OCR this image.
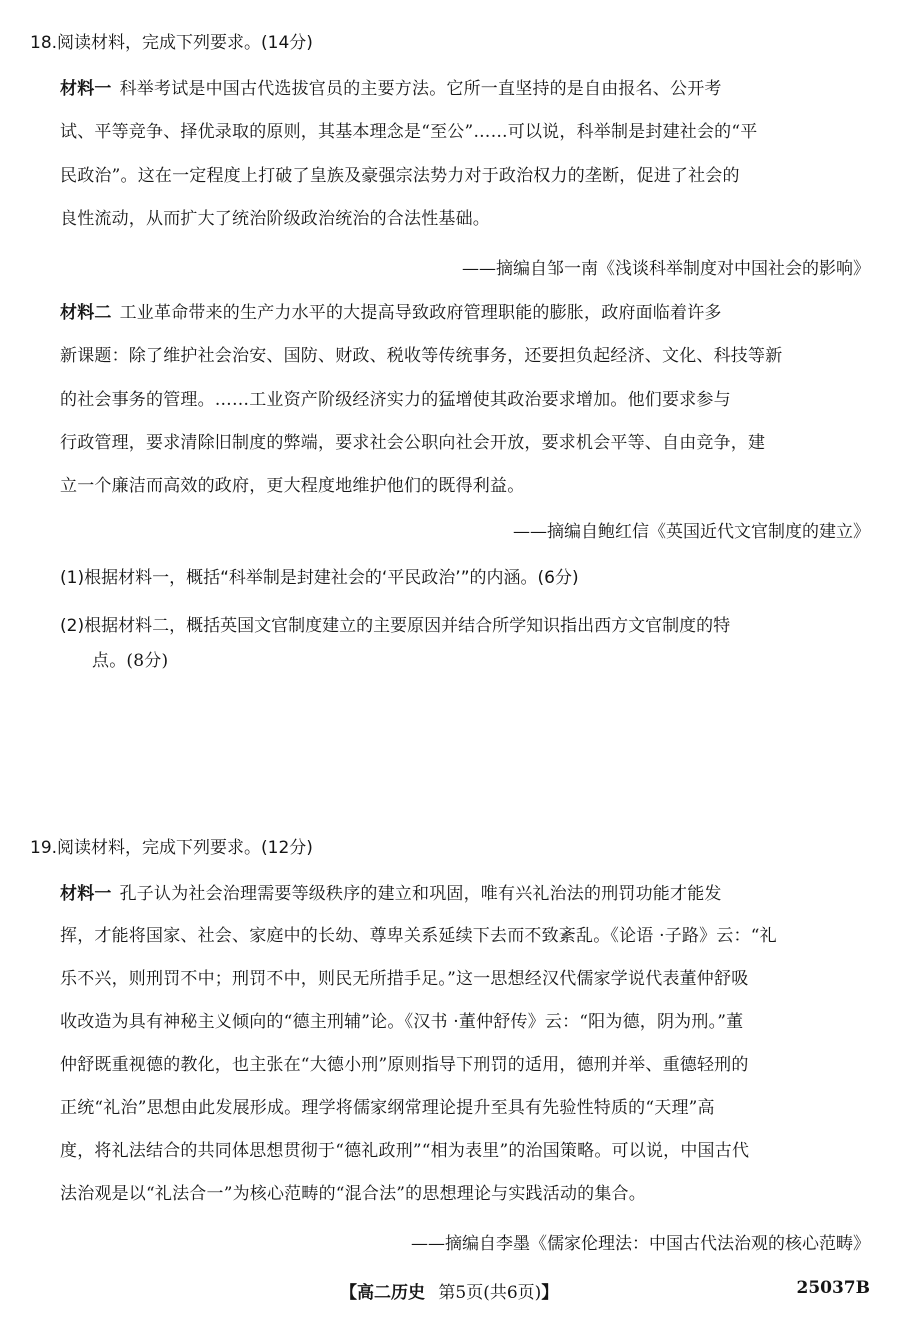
18.阅读材料，完成下列要求。(14分)
材料一 科举考试是中国古代选拔官员的主要方法。它所一直坚持的是自由报名、公开考
试、平等竞争、择优录取的原则，其基本理念是“至公”……可以说，科举制是封建社会的“平
民政治”。这在一定程度上打破了皇族及豪强宗法势力对于政治权力的垄断，促进了社会的
良性流动，从而扩大了统治阶级政治统治的合法性基础。
——摘编自邹一南《浅谈科举制度对中国社会的影响》
材料二 工业革命带来的生产力水平的大提高导致政府管理职能的膨胀，政府面临着许多
新课题：除了维护社会治安、国防、财政、税收等传统事务，还要担负起经济、文化、科技等新
的社会事务的管理。……工业资产阶级经济实力的猛增使其政治要求增加。他们要求参与
行政管理，要求清除旧制度的弊端，要求社会公职向社会开放，要求机会平等、自由竞争，建
立一个廉洁而高效的政府，更大程度地维护他们的既得利益。
——摘编自鲍红信《英国近代文官制度的建立》
(1)根据材料一，概括“科举制是封建社会的‘平民政治’”的内涵。(6分)
(2)根据材料二，概括英国文官制度建立的主要原因并结合所学知识指出西方文官制度的特
点。(8分)
19.阅读材料，完成下列要求。(12分)
材料一 孔子认为社会治理需要等级秩序的建立和巩固，唯有兴礼治法的刑罚功能才能发
挥，才能将国家、社会、家庭中的长幼、尊卑关系延续下去而不致紊乱。《论语 ·子路》云：“礼
乐不兴，则刑罚不中；刑罚不中，则民无所措手足。”这一思想经汉代儒家学说代表董仲舒吸
收改造为具有神秘主义倾向的“德主刑辅”论。《汉书 ·董仲舒传》云：“阳为德，阴为刑。”董
仲舒既重视德的教化，也主张在“大德小刑”原则指导下刑罚的适用，德刑并举、重德轻刑的
正统“礼治”思想由此发展形成。理学将儒家纲常理论提升至具有先验性特质的“天理”高
度，将礼法结合的共同体思想贯彻于“德礼政刑”“相为表里”的治国策略。可以说，中国古代
法治观是以“礼法合一”为核心范畴的“混合法”的思想理论与实践活动的集合。
——摘编自李墨《儒家伦理法：中国古代法治观的核心范畴》
【高二历史 第5页(共6页)】	25037B
